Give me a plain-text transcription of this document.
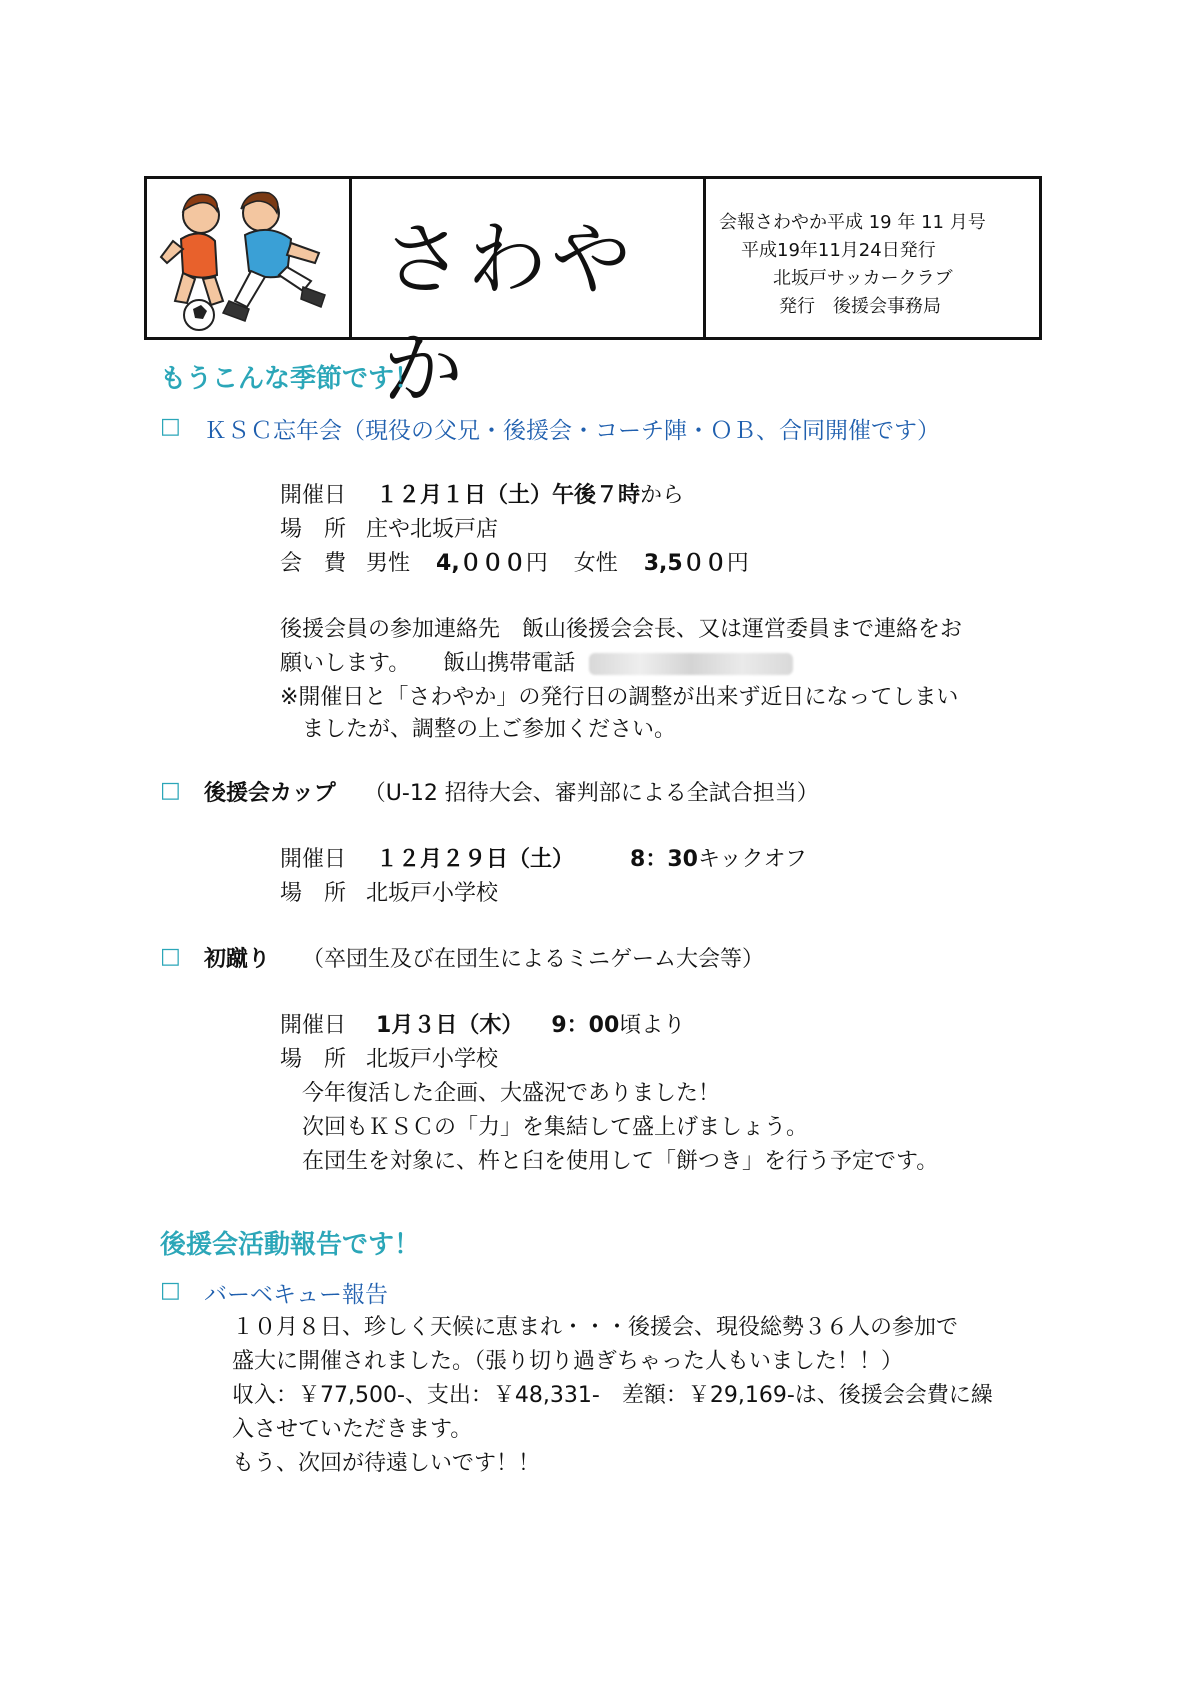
さわやか
会報さわやか平成 19 年 11 月号
平成19年11月24日発行
北坂戸サッカークラブ
発行　後援会事務局
もうこんな季節です！
□ ＫＳＣ忘年会（現役の父兄・後援会・コーチ陣・ＯＢ、合同開催です）
開催日 １２月１日（土）午後７時から
場　所 庄や北坂戸店
会　費 男性 4,０００円 女性 3,5００円
後援会員の参加連絡先　飯山後援会会長、又は運営委員まで連絡をお
願いします。　　飯山携帯電話
※開催日と「さわやか」の発行日の調整が出来ず近日になってしまい
ましたが、調整の上ご参加ください。
□ 後援会カップ （U-12 招待大会、審判部による全試合担当）
開催日 １２月２９日（土）	8：30キックオフ
場　所 北坂戸小学校
□ 初蹴り （卒団生及び在団生によるミニゲーム大会等）
開催日 1月３日（木） 9：00頃より
場　所 北坂戸小学校
今年復活した企画、大盛況でありました！
次回もＫＳＣの「力」を集結して盛上げましょう。
在団生を対象に、杵と臼を使用して「餅つき」を行う予定です。
後援会活動報告です！
□ バーベキュー報告
１０月８日、珍しく天候に恵まれ・・・後援会、現役総勢３６人の参加で
盛大に開催されました。（張り切り過ぎちゃった人もいました！！）
収入：￥77,500-、支出：￥48,331-　差額：￥29,169-は、後援会会費に繰
入させていただきます。
もう、次回が待遠しいです！！
